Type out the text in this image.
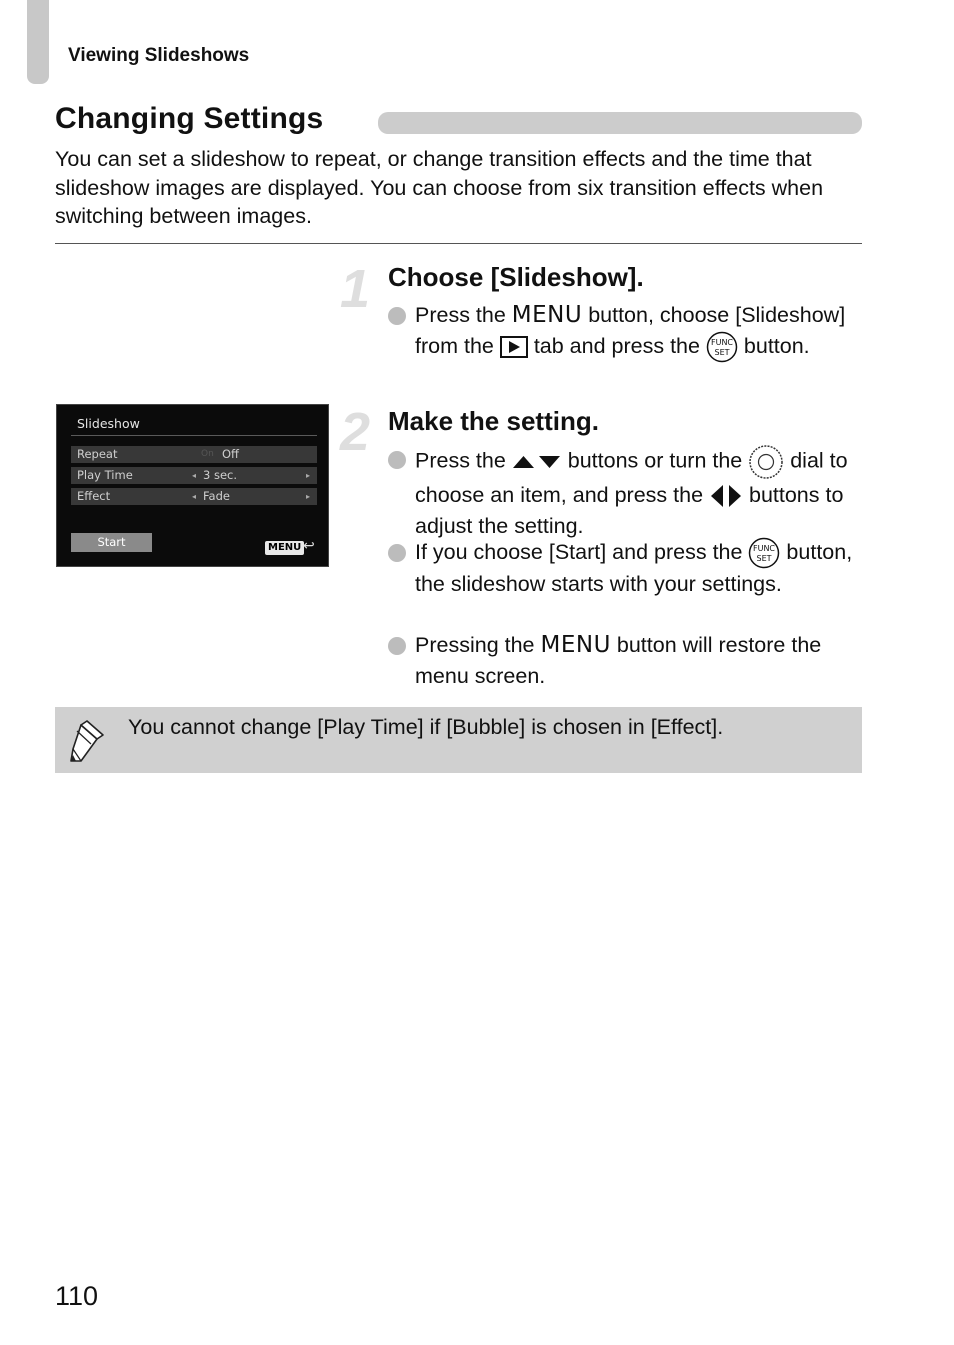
Viewing Slideshows
Changing Settings
You can set a slideshow to repeat, or change transition effects and the time that slideshow images are displayed. You can choose from six transition effects when switching between images.
1 Choose [Slideshow].
Press the MENU button, choose [Slideshow] from the  tab and press the FUNC
SET button.
Slideshow
Repeat	On Off
Play Time	◂ 3 sec.	▸
Effect	◂ Fade	▸
Start	MENU ↩
2 Make the setting.
Press the  buttons or turn the  dial to choose an item, and press the  buttons to adjust the setting.
If you choose [Start] and press the FUNC
SET button, the slideshow starts with your settings.
Pressing the MENU button will restore the menu screen.
You cannot change [Play Time] if [Bubble] is chosen in [Effect].
110
